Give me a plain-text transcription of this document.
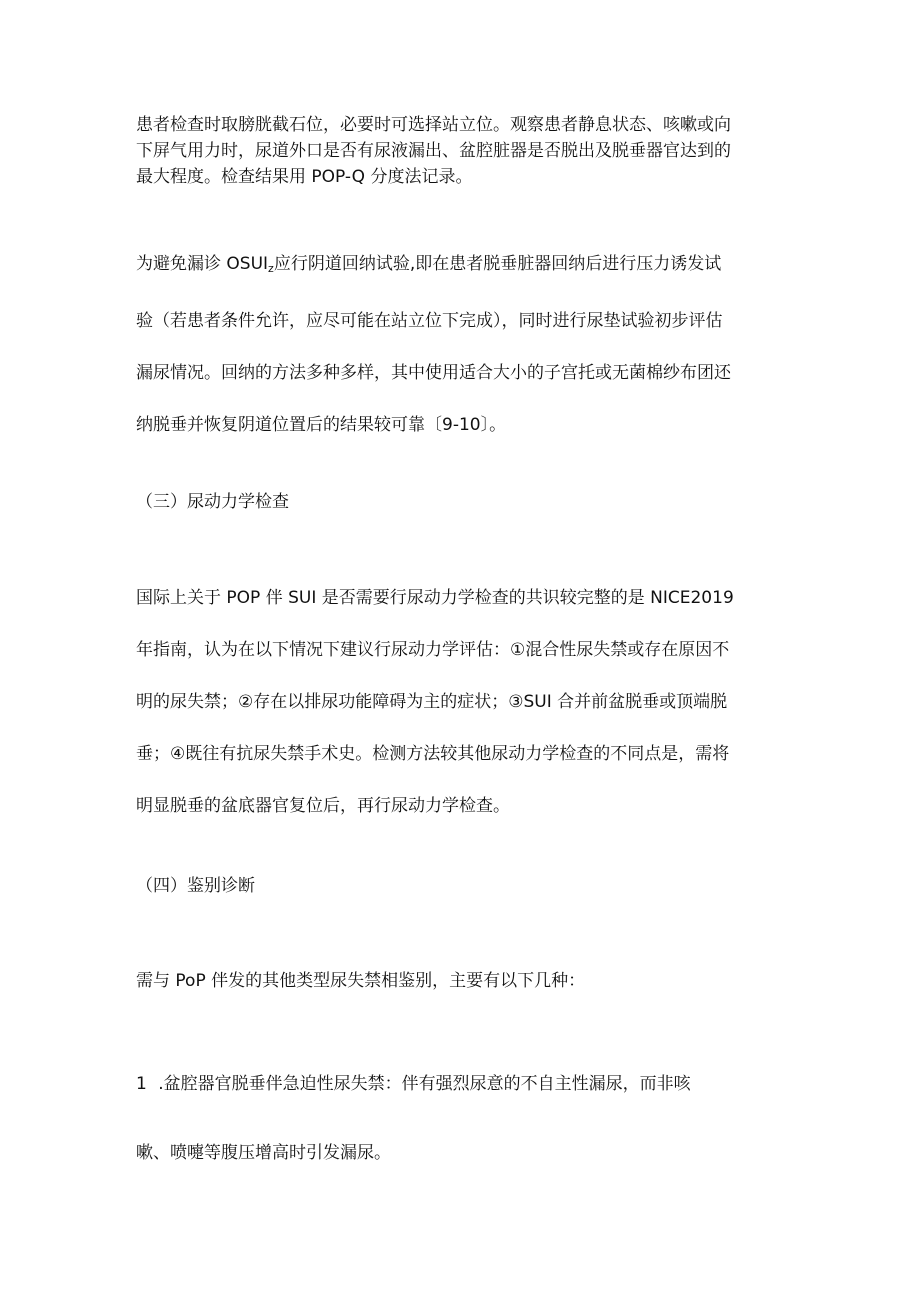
患者检查时取膀胱截石位，必要时可选择站立位。观察患者静息状态、咳嗽或向
下屏气用力时，尿道外口是否有尿液漏出、盆腔脏器是否脱出及脱垂器官达到的
最大程度。检查结果用 POP-Q 分度法记录。

为避免漏诊 $OSUI_z$应行阴道回纳试验,即在患者脱垂脏器回纳后进行压力诱发试
验（若患者条件允许，应尽可能在站立位下完成），同时进行尿垫试验初步评估
漏尿情况。回纳的方法多种多样，其中使用适合大小的子宫托或无菌棉纱布团还
纳脱垂并恢复阴道位置后的结果较可靠〔9-10〕。

（三）尿动力学检查

国际上关于 POP 伴 SUI 是否需要行尿动力学检查的共识较完整的是 NICE2019
年指南，认为在以下情况下建议行尿动力学评估：①混合性尿失禁或存在原因不
明的尿失禁；②存在以排尿功能障碍为主的症状；③SUI 合并前盆脱垂或顶端脱
垂；④既往有抗尿失禁手术史。检测方法较其他尿动力学检查的不同点是，需将
明显脱垂的盆底器官复位后，再行尿动力学检查。

（四）鉴别诊断

需与 PoP 伴发的其他类型尿失禁相鉴别，主要有以下几种：

1 .盆腔器官脱垂伴急迫性尿失禁：伴有强烈尿意的不自主性漏尿，而非咳

嗽、喷嚏等腹压增高时引发漏尿。
